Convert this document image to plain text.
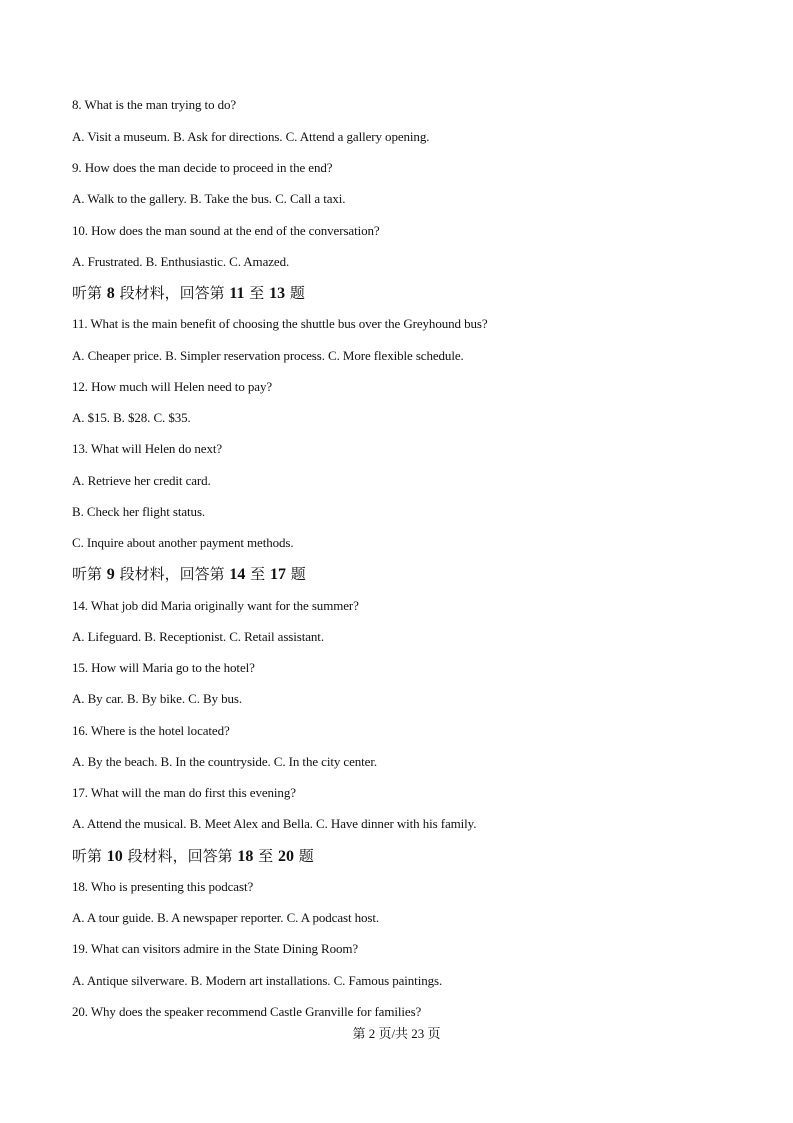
8. What is the man trying to do?
A. Visit a museum. B. Ask for directions. C. Attend a gallery opening.
9. How does the man decide to proceed in the end?
A. Walk to the gallery. B. Take the bus. C. Call a taxi.
10. How does the man sound at the end of the conversation?
A. Frustrated. B. Enthusiastic. C. Amazed.
听第 8 段材料，回答第 11 至 13 题
11. What is the main benefit of choosing the shuttle bus over the Greyhound bus?
A. Cheaper price. B. Simpler reservation process. C. More flexible schedule.
12. How much will Helen need to pay?
A. $15. B. $28. C. $35.
13. What will Helen do next?
A. Retrieve her credit card.
B. Check her flight status.
C. Inquire about another payment methods.
听第 9 段材料，回答第 14 至 17 题
14. What job did Maria originally want for the summer?
A. Lifeguard. B. Receptionist. C. Retail assistant.
15. How will Maria go to the hotel?
A. By car. B. By bike. C. By bus.
16. Where is the hotel located?
A. By the beach. B. In the countryside. C. In the city center.
17. What will the man do first this evening?
A. Attend the musical. B. Meet Alex and Bella. C. Have dinner with his family.
听第 10 段材料，回答第 18 至 20 题
18. Who is presenting this podcast?
A. A tour guide. B. A newspaper reporter. C. A podcast host.
19. What can visitors admire in the State Dining Room?
A. Antique silverware. B. Modern art installations. C. Famous paintings.
20. Why does the speaker recommend Castle Granville for families?
第 2 页/共 23 页
